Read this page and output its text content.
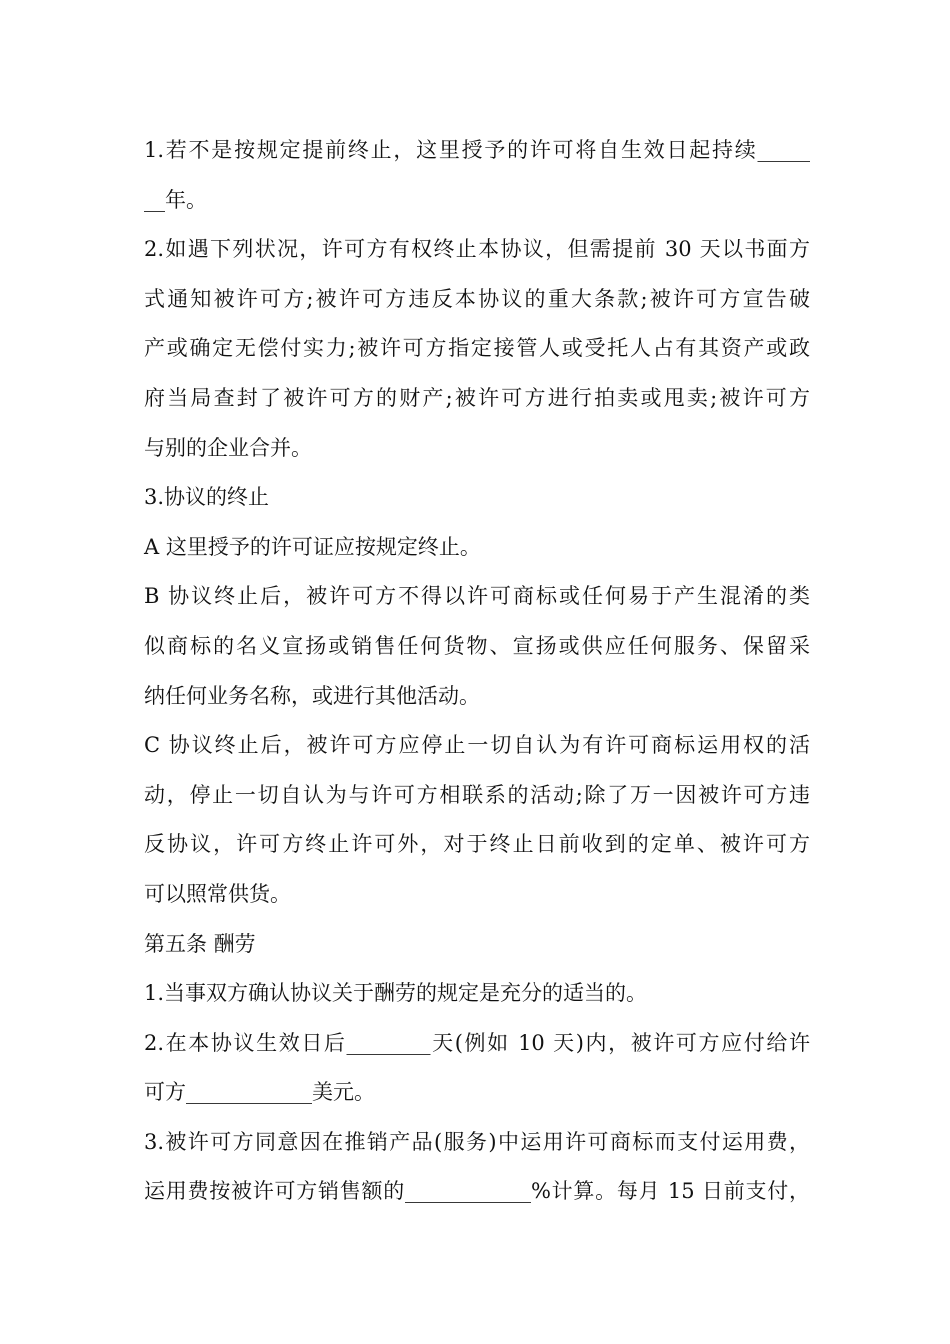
1.若不是按规定提前终止，这里授予的许可将自生效日起持续_____
__年。
2.如遇下列状况，许可方有权终止本协议，但需提前 30 天以书面方
式通知被许可方;被许可方违反本协议的重大条款;被许可方宣告破
产或确定无偿付实力;被许可方指定接管人或受托人占有其资产或政
府当局查封了被许可方的财产;被许可方进行拍卖或甩卖;被许可方
与别的企业合并。
3.协议的终止
A 这里授予的许可证应按规定终止。
B 协议终止后，被许可方不得以许可商标或任何易于产生混淆的类
似商标的名义宣扬或销售任何货物、宣扬或供应任何服务、保留采
纳任何业务名称，或进行其他活动。
C 协议终止后，被许可方应停止一切自认为有许可商标运用权的活
动，停止一切自认为与许可方相联系的活动;除了万一因被许可方违
反协议，许可方终止许可外，对于终止日前收到的定单、被许可方
可以照常供货。
第五条 酬劳
1.当事双方确认协议关于酬劳的规定是充分的适当的。
2.在本协议生效日后________天(例如 10 天)内，被许可方应付给许
可方____________美元。
3.被许可方同意因在推销产品(服务)中运用许可商标而支付运用费，
运用费按被许可方销售额的____________%计算。每月 15 日前支付，
